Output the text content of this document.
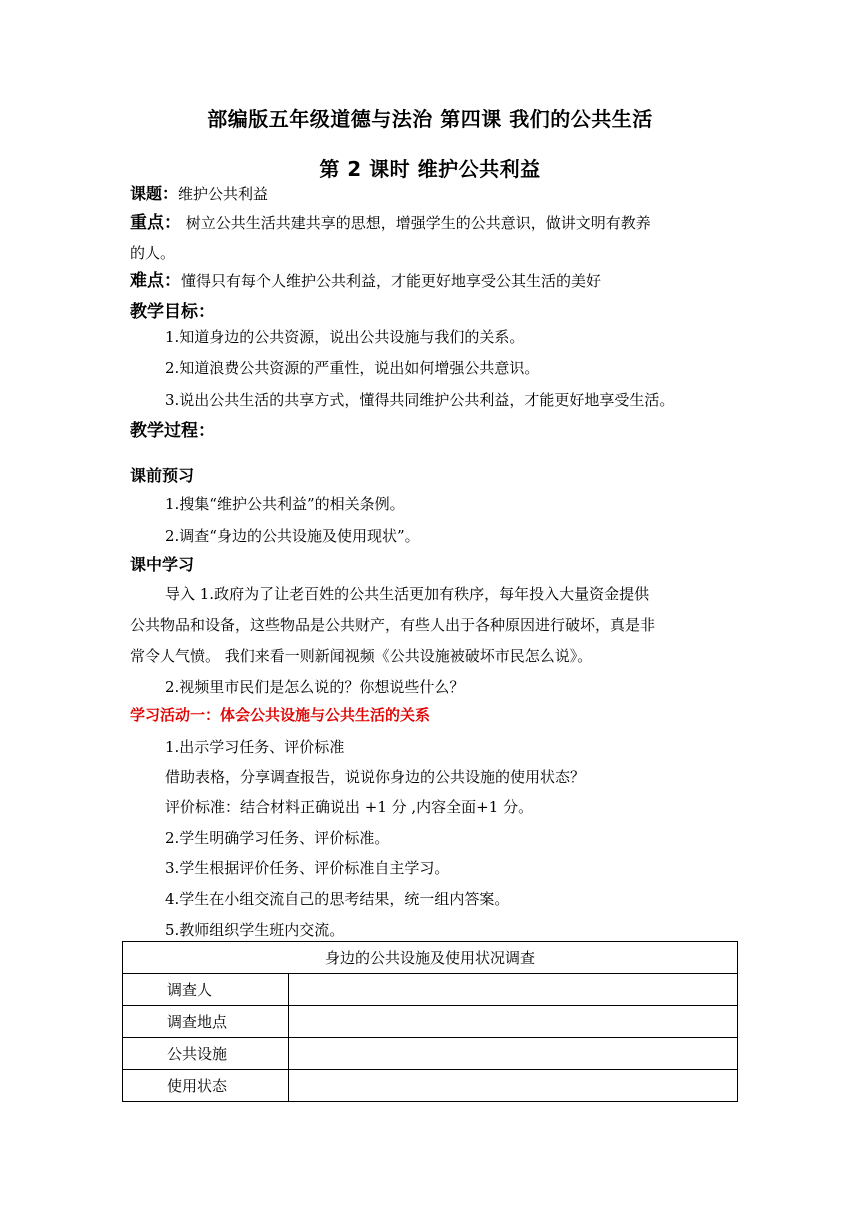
部编版五年级道德与法治 第四课 我们的公共生活
第 2 课时 维护公共利益
课题：维护公共利益
重点： 树立公共生活共建共享的思想，增强学生的公共意识，做讲文明有教养
的人。
难点：懂得只有每个人维护公共利益，才能更好地享受公其生活的美好
教学目标：
1.知道身边的公共资源，说出公共设施与我们的关系。
2.知道浪费公共资源的严重性，说出如何增强公共意识。
3.说出公共生活的共享方式，懂得共同维护公共利益，才能更好地享受生活。
教学过程：
课前预习
1.搜集“维护公共利益”的相关条例。
2.调查“身边的公共设施及使用现状”。
课中学习
导入 1.政府为了让老百姓的公共生活更加有秩序，每年投入大量资金提供
公共物品和设备，这些物品是公共财产，有些人出于各种原因进行破坏，真是非
常令人气愤。 我们来看一则新闻视频《公共设施被破坏市民怎么说》。
2.视频里市民们是怎么说的？你想说些什么？
学习活动一：体会公共设施与公共生活的关系
1.出示学习任务、评价标准
借助表格，分享调查报告，说说你身边的公共设施的使用状态？
评价标准：结合材料正确说出 +1 分 ,内容全面+1 分。
2.学生明确学习任务、评价标准。
3.学生根据评价任务、评价标准自主学习。
4.学生在小组交流自己的思考结果，统一组内答案。
5.教师组织学生班内交流。
身边的公共设施及使用状况调查	
调查人	
调查地点	
公共设施	
使用状态	
